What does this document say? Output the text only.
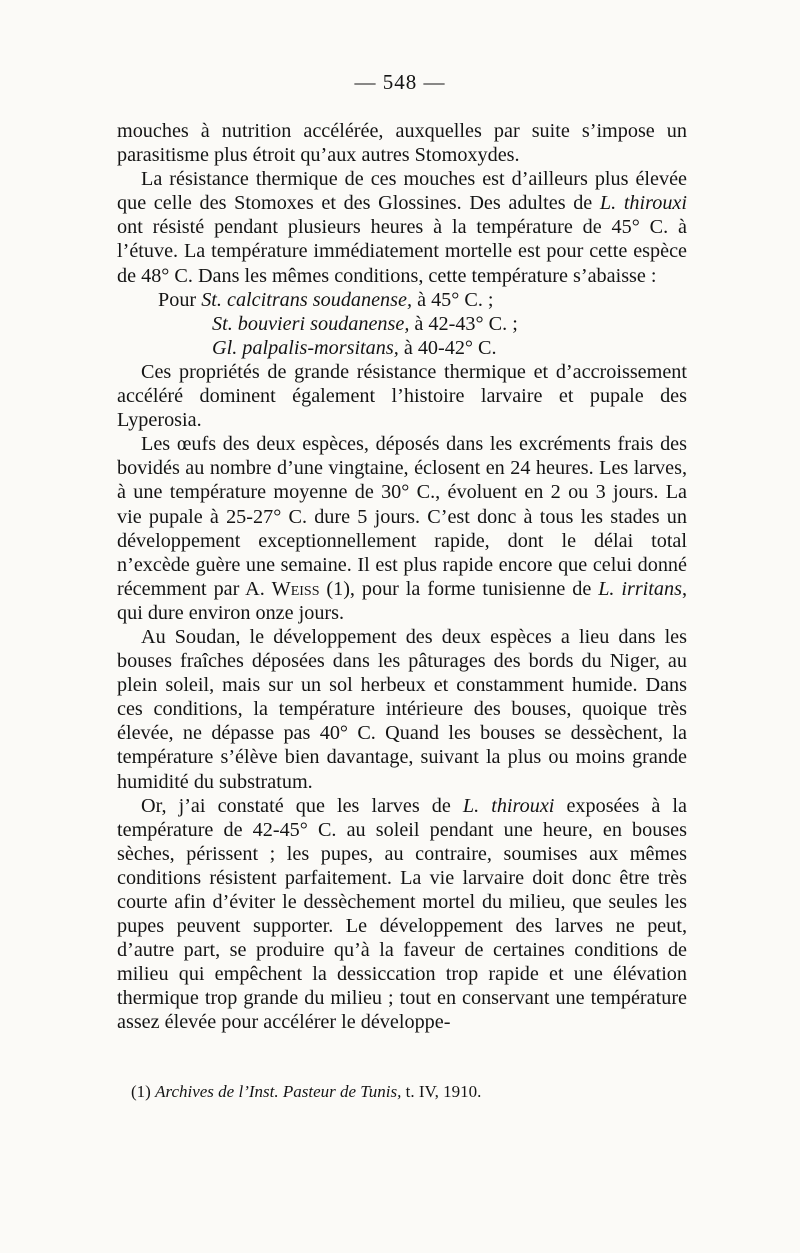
— 548 —

mouches à nutrition accélérée, auxquelles par suite s’impose un parasitisme plus étroit qu’aux autres Stomoxydes.

La résistance thermique de ces mouches est d’ailleurs plus élevée que celle des Stomoxes et des Glossines. Des adultes de L. thirouxi ont résisté pendant plusieurs heures à la température de 45° C. à l’étuve. La température immédiatement mortelle est pour cette espèce de 48° C. Dans les mêmes conditions, cette température s’abaisse :

Pour St. calcitrans soudanense, à 45° C. ;
St. bouvieri soudanense, à 42-43° C. ;
Gl. palpalis-morsitans, à 40-42° C.

Ces propriétés de grande résistance thermique et d’accroissement accéléré dominent également l’histoire larvaire et pupale des Lyperosia.

Les œufs des deux espèces, déposés dans les excréments frais des bovidés au nombre d’une vingtaine, éclosent en 24 heures. Les larves, à une température moyenne de 30° C., évoluent en 2 ou 3 jours. La vie pupale à 25-27° C. dure 5 jours. C’est donc à tous les stades un développement exceptionnellement rapide, dont le délai total n’excède guère une semaine. Il est plus rapide encore que celui donné récemment par A. Weiss (1), pour la forme tunisienne de L. irritans, qui dure environ onze jours.

Au Soudan, le développement des deux espèces a lieu dans les bouses fraîches déposées dans les pâturages des bords du Niger, au plein soleil, mais sur un sol herbeux et constamment humide. Dans ces conditions, la température intérieure des bouses, quoique très élevée, ne dépasse pas 40° C. Quand les bouses se dessèchent, la température s’élève bien davantage, suivant la plus ou moins grande humidité du substratum.

Or, j’ai constaté que les larves de L. thirouxi exposées à la température de 42-45° C. au soleil pendant une heure, en bouses sèches, périssent ; les pupes, au contraire, soumises aux mêmes conditions résistent parfaitement. La vie larvaire doit donc être très courte afin d’éviter le dessèchement mortel du milieu, que seules les pupes peuvent supporter. Le développement des larves ne peut, d’autre part, se produire qu’à la faveur de certaines conditions de milieu qui empêchent la dessiccation trop rapide et une élévation thermique trop grande du milieu ; tout en conservant une température assez élevée pour accélérer le développe-

(1) Archives de l’Inst. Pasteur de Tunis, t. IV, 1910.
